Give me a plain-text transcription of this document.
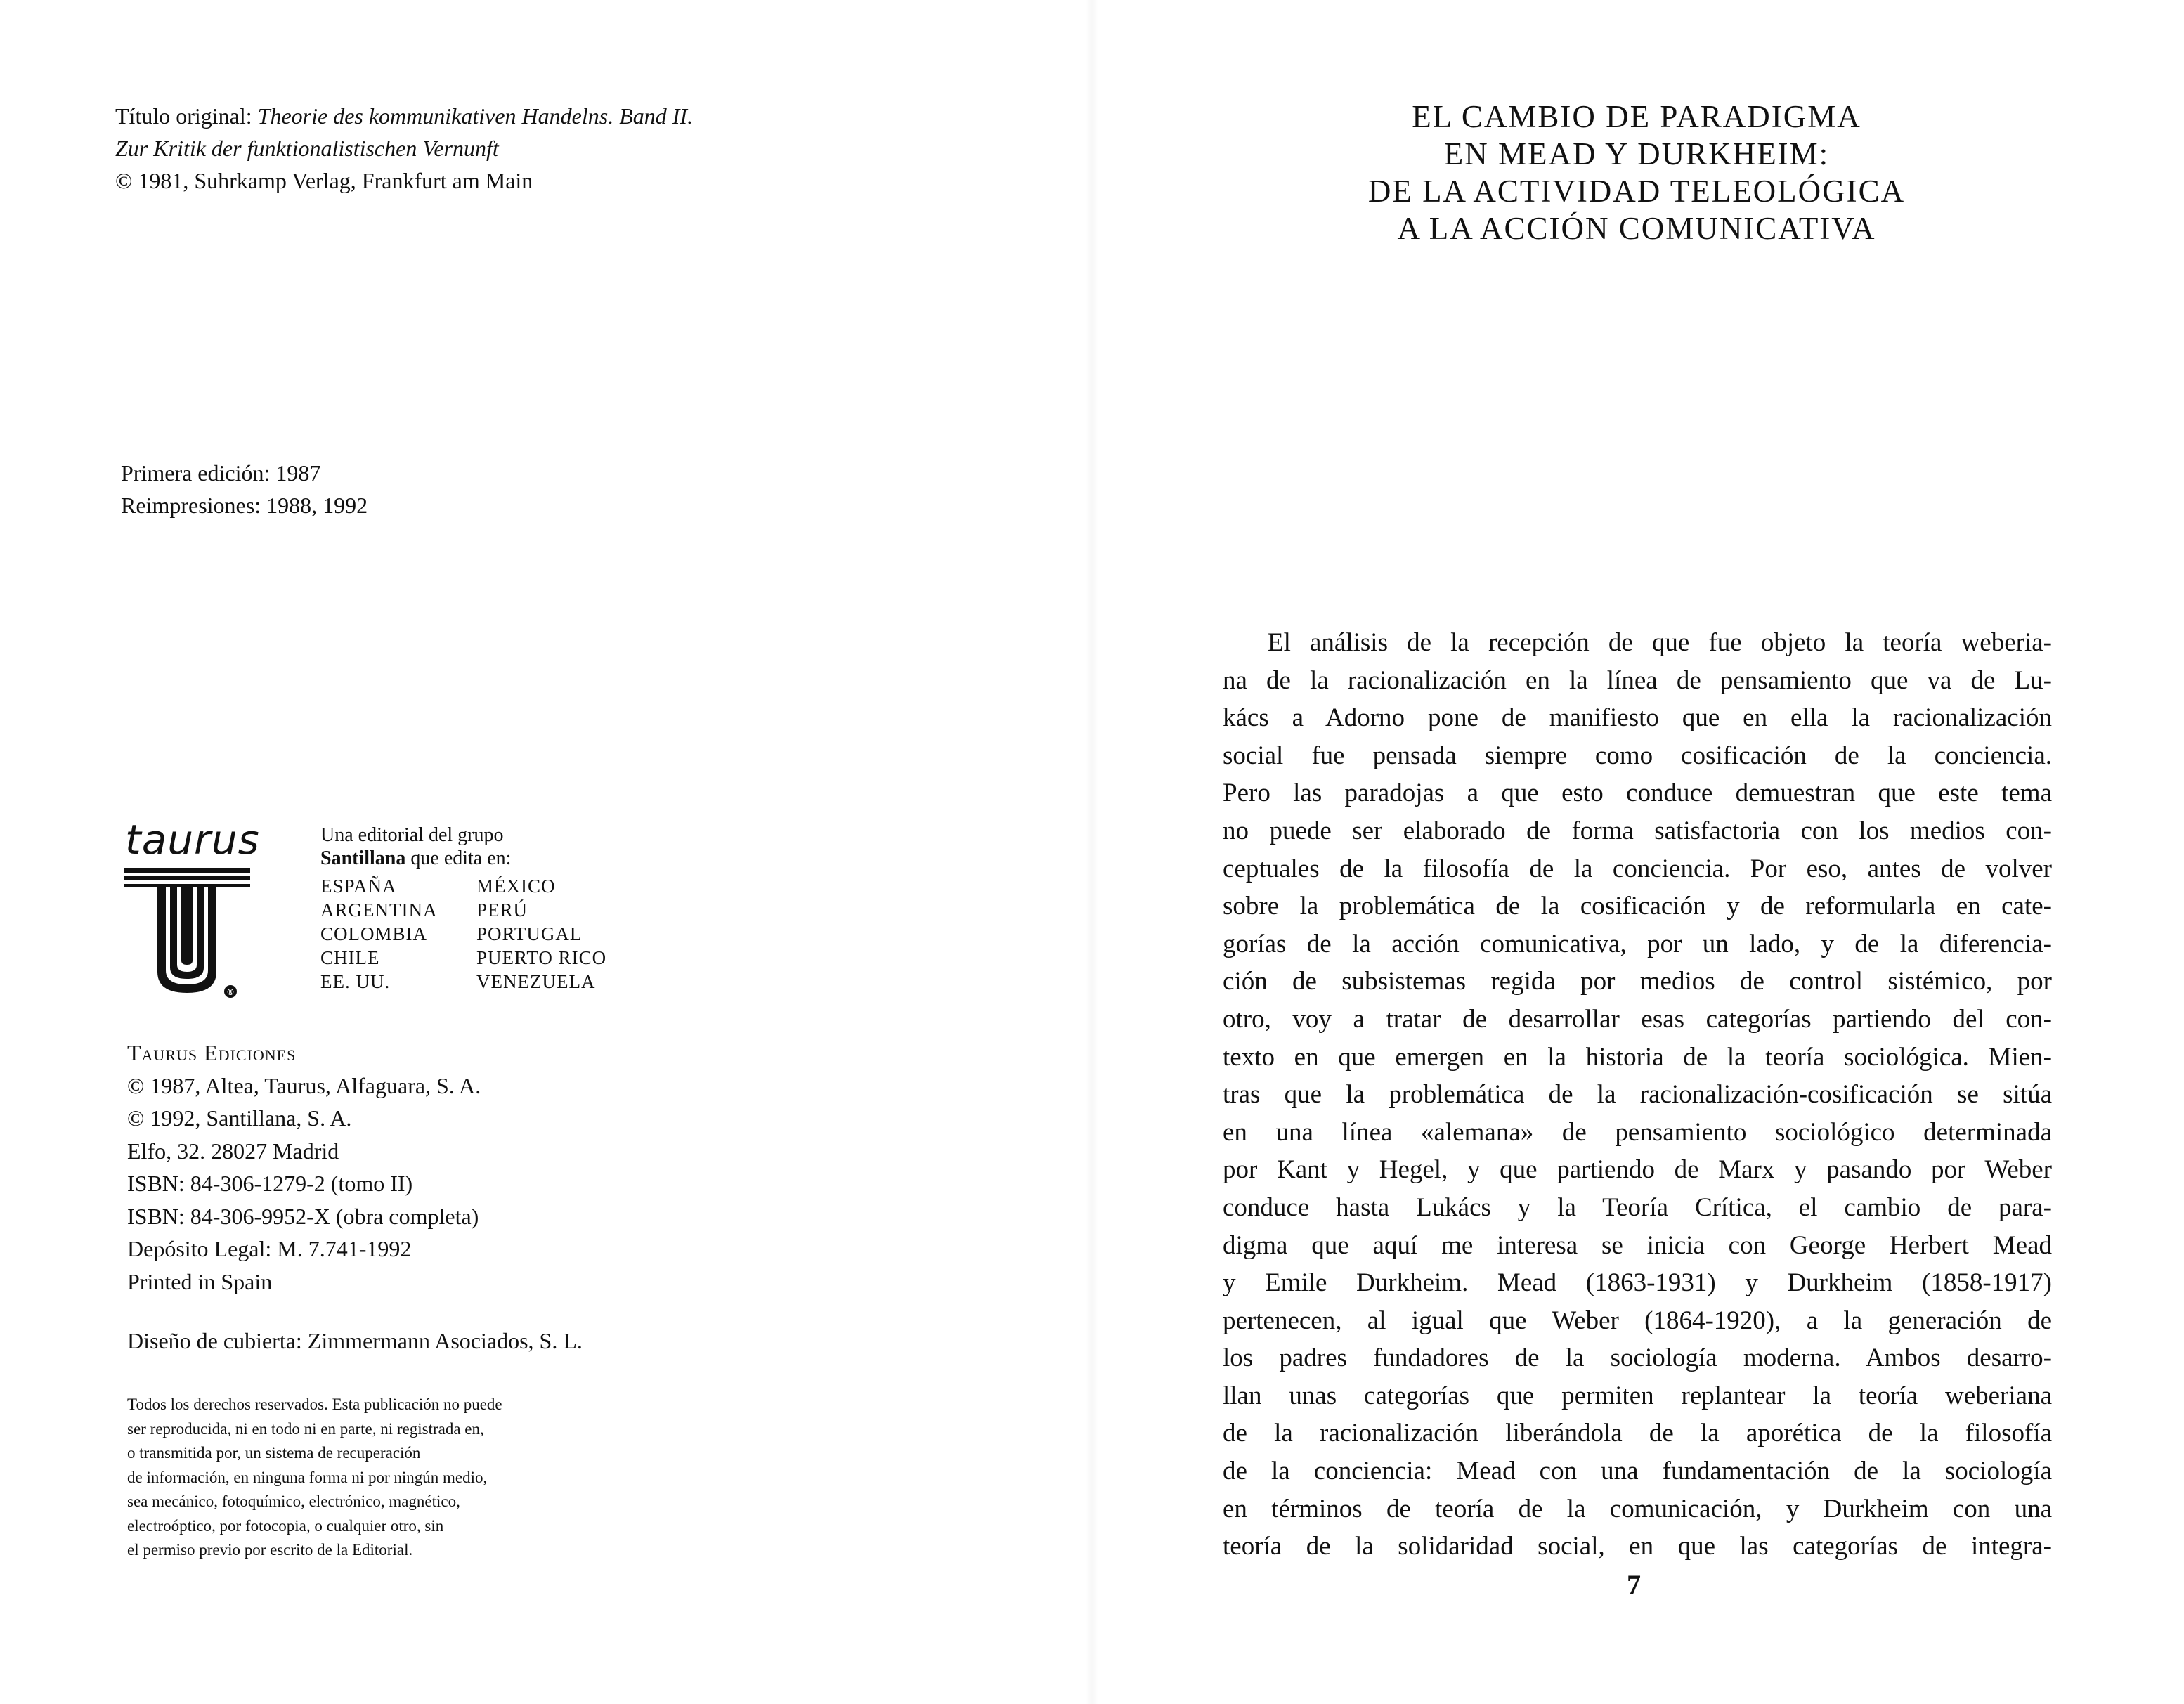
Título original: Theorie des kommunikativen Handelns. Band II.
Zur Kritik der funktionalistischen Vernunft
© 1981, Suhrkamp Verlag, Frankfurt am Main
Primera edición: 1987
Reimpresiones: 1988, 1992
taurus
®
Una editorial del grupo
Santillana que edita en:
ESPAÑA	MÉXICO
ARGENTINA	PERÚ
COLOMBIA	PORTUGAL
CHILE	PUERTO RICO
EE. UU.	VENEZUELA
Taurus Ediciones
© 1987, Altea, Taurus, Alfaguara, S. A.
© 1992, Santillana, S. A.
Elfo, 32. 28027 Madrid
ISBN: 84-306-1279-2 (tomo II)
ISBN: 84-306-9952-X (obra completa)
Depósito Legal: M. 7.741-1992
Printed in Spain
Diseño de cubierta: Zimmermann Asociados, S. L.
Todos los derechos reservados. Esta publicación no puede
ser reproducida, ni en todo ni en parte, ni registrada en,
o transmitida por, un sistema de recuperación
de información, en ninguna forma ni por ningún medio,
sea mecánico, fotoquímico, electrónico, magnético,
electroóptico, por fotocopia, o cualquier otro, sin
el permiso previo por escrito de la Editorial.
EL CAMBIO DE PARADIGMA
EN MEAD Y DURKHEIM:
DE LA ACTIVIDAD TELEOLÓGICA
A LA ACCIÓN COMUNICATIVA
El análisis de la recepción de que fue objeto la teoría weberia-
na de la racionalización en la línea de pensamiento que va de Lu-
kács a Adorno pone de manifiesto que en ella la racionalización
social fue pensada siempre como cosificación de la conciencia.
Pero las paradojas a que esto conduce demuestran que este tema
no puede ser elaborado de forma satisfactoria con los medios con-
ceptuales de la filosofía de la conciencia. Por eso, antes de volver
sobre la problemática de la cosificación y de reformularla en cate-
gorías de la acción comunicativa, por un lado, y de la diferencia-
ción de subsistemas regida por medios de control sistémico, por
otro, voy a tratar de desarrollar esas categorías partiendo del con-
texto en que emergen en la historia de la teoría sociológica. Mien-
tras que la problemática de la racionalización-cosificación se sitúa
en una línea «alemana» de pensamiento sociológico determinada
por Kant y Hegel, y que partiendo de Marx y pasando por Weber
conduce hasta Lukács y la Teoría Crítica, el cambio de para-
digma que aquí me interesa se inicia con George Herbert Mead
y Emile Durkheim. Mead (1863-1931) y Durkheim (1858-1917)
pertenecen, al igual que Weber (1864-1920), a la generación de
los padres fundadores de la sociología moderna. Ambos desarro-
llan unas categorías que permiten replantear la teoría weberiana
de la racionalización liberándola de la aporética de la filosofía
de la conciencia: Mead con una fundamentación de la sociología
en términos de teoría de la comunicación, y Durkheim con una
teoría de la solidaridad social, en que las categorías de integra-
7
